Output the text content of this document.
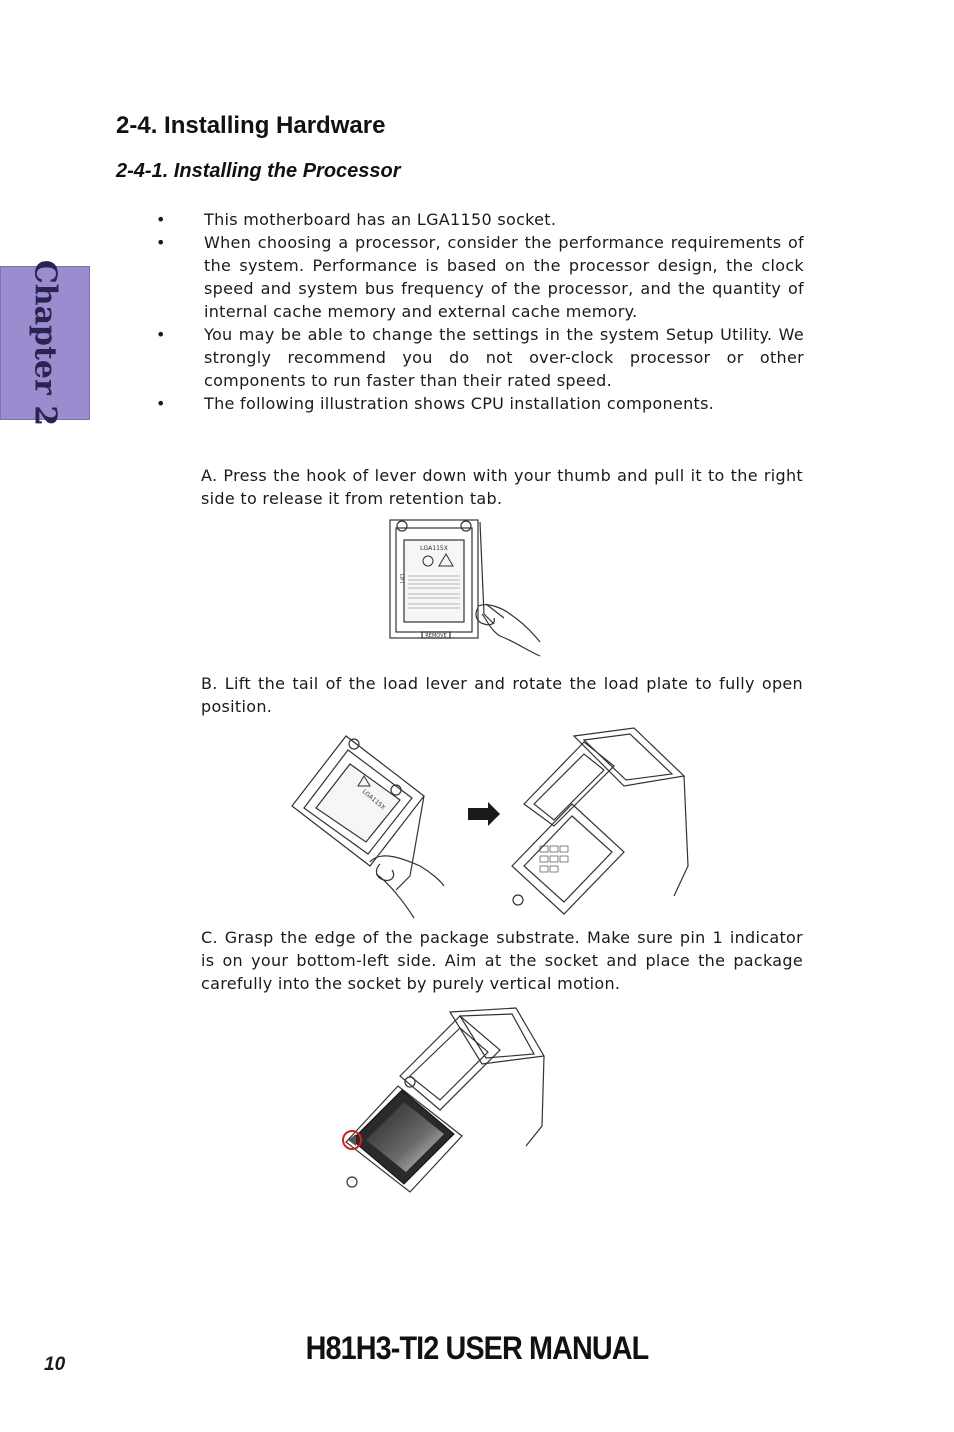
Chapter 2
2-4. Installing Hardware
2-4-1. Installing the Processor
• This motherboard has an LGA1150 socket.
• When choosing a processor, consider the performance requirements of the system. Performance is based on the processor design, the clock speed and system bus frequency of the processor, and the quantity of internal cache memory and external cache memory.
• You may be able to change the settings in the system Setup Utility. We strongly recommend you do not over-clock processor or other components to run faster than their rated speed.
• The following illustration shows CPU installation components.

A. Press the hook of lever down with your thumb and pull it to the right side to release it from retention tab.

LGA115X
REMOVE
LIFT

B. Lift the tail of the load lever and rotate the load plate to fully open position.

LGA115X

C. Grasp the edge of the package substrate. Make sure pin 1 indicator is on your bottom-left side. Aim at the socket and place the package carefully into the socket by purely vertical motion.

10	H81H3-TI2 USER MANUAL
